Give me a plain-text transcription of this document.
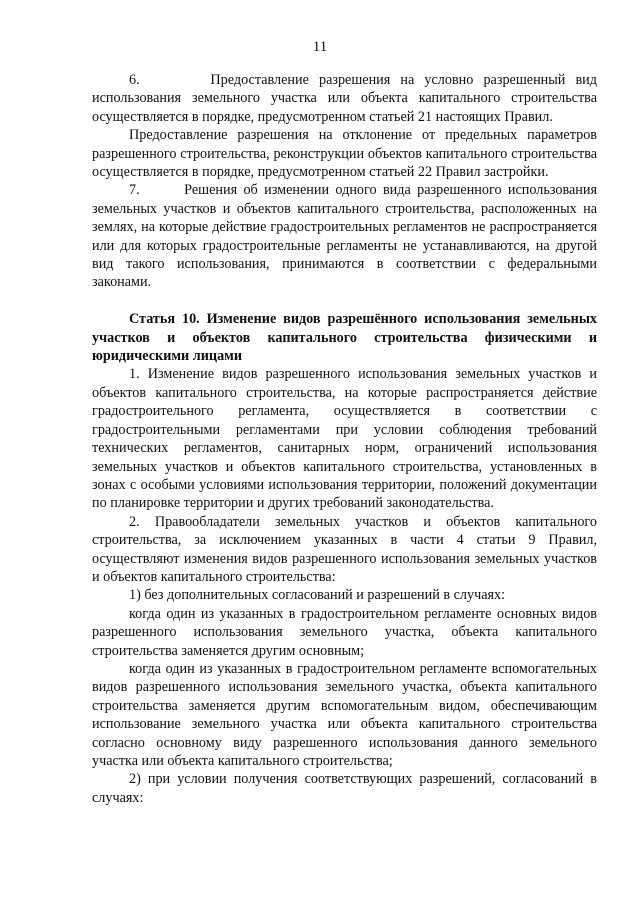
11

6.       Предоставление разрешения на условно разрешенный вид использования земельного участка или объекта капитального строительства осуществляется в порядке, предусмотренном статьей 21 настоящих Правил.

Предоставление разрешения на отклонение от предельных параметров разрешенного строительства, реконструкции объектов капитального строительства осуществляется в порядке, предусмотренном статьей 22 Правил застройки.

7.       Решения об изменении одного вида разрешенного использования земельных участков и объектов капитального строительства, расположенных на землях, на которые действие градостроительных регламентов не распространяется или для которых градостроительные регламенты не устанавливаются, на другой вид такого использования, принимаются в соответствии с федеральными законами.

Статья 10. Изменение видов разрешённого использования земельных участков и объектов капитального строительства физическими и юридическими лицами

1. Изменение видов разрешенного использования земельных участков и объектов капитального строительства, на которые распространяется действие градостроительного регламента, осуществляется в соответствии с градостроительными регламентами при условии соблюдения требований технических регламентов, санитарных норм, ограничений использования земельных участков и объектов капитального строительства, установленных в зонах с особыми условиями использования территории, положений документации по планировке территории и других требований законодательства.

2. Правообладатели земельных участков и объектов капитального строительства, за исключением указанных в части 4 статьи 9 Правил, осуществляют изменения видов разрешенного использования земельных участков и объектов капитального строительства:

1) без дополнительных согласований и разрешений в случаях:

когда один из указанных в градостроительном регламенте основных видов разрешенного использования земельного участка, объекта капитального строительства заменяется другим основным;

когда один из указанных в градостроительном регламенте вспомогательных видов разрешенного использования земельного участка, объекта капитального строительства заменяется другим вспомогательным видом, обеспечивающим использование земельного участка или объекта капитального строительства согласно основному виду разрешенного использования данного земельного участка или объекта капитального строительства;

2) при условии получения соответствующих разрешений, согласований в случаях:
